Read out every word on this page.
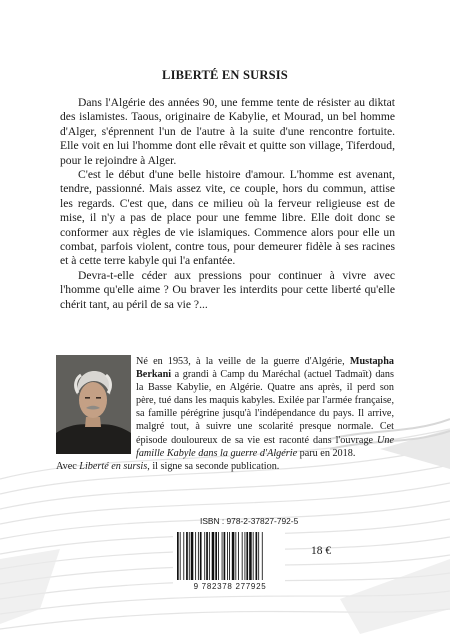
LIBERTÉ EN SURSIS

Dans l'Algérie des années 90, une femme tente de résister au diktat des islamistes. Taous, originaire de Kabylie, et Mourad, un bel homme d'Alger, s'éprennent l'un de l'autre à la suite d'une rencontre fortuite. Elle voit en lui l'homme dont elle rêvait et quitte son village, Tiferdoud, pour le rejoindre à Alger.

C'est le début d'une belle histoire d'amour. L'homme est avenant, tendre, passionné. Mais assez vite, ce couple, hors du commun, attise les regards. C'est que, dans ce milieu où la ferveur religieuse est de mise, il n'y a pas de place pour une femme libre. Elle doit donc se conformer aux règles de vie islamiques. Commence alors pour elle un combat, parfois violent, contre tous, pour demeurer fidèle à ses racines et à cette terre kabyle qui l'a enfantée.

Devra-t-elle céder aux pressions pour continuer à vivre avec l'homme qu'elle aime ? Ou braver les interdits pour cette liberté qu'elle chérit tant, au péril de sa vie ?...

Né en 1953, à la veille de la guerre d'Algérie, Mustapha Berkani a grandi à Camp du Maréchal (actuel Tadmaït) dans la Basse Kabylie, en Algérie. Quatre ans après, il perd son père, tué dans les maquis kabyles. Exilée par l'armée française, sa famille pérégrine jusqu'à l'indépendance du pays. Il arrive, malgré tout, à suivre une scolarité presque normale. Cet épisode douloureux de sa vie est raconté dans l'ouvrage Une famille Kabyle dans la guerre d'Algérie paru en 2018.

Avec Liberté en sursis, il signe sa seconde publication.

ISBN : 978-2-37827-792-5
9 782378 277925
18 €
